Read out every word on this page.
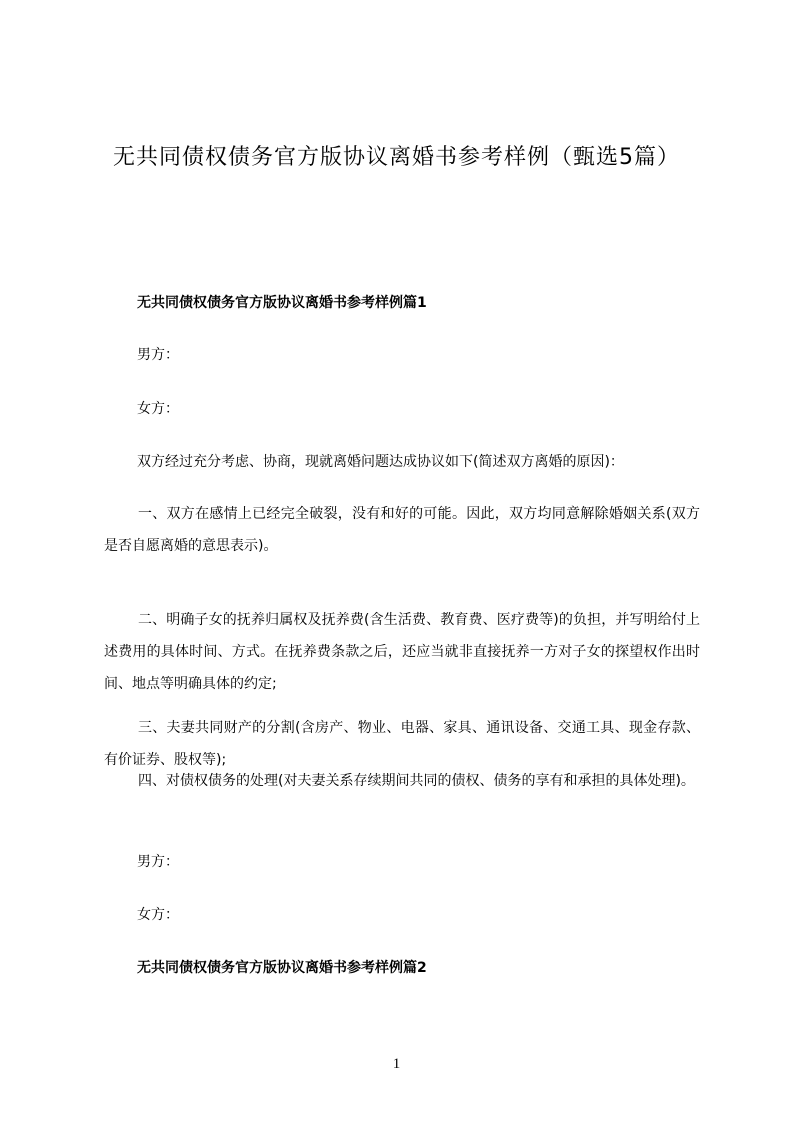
无共同债权债务官方版协议离婚书参考样例（甄选5篇）
无共同债权债务官方版协议离婚书参考样例篇1
男方：
女方：
双方经过充分考虑、协商，现就离婚问题达成协议如下(简述双方离婚的原因)：
一、双方在感情上已经完全破裂，没有和好的可能。因此，双方均同意解除婚姻关系(双方是否自愿离婚的意思表示)。
二、明确子女的抚养归属权及抚养费(含生活费、教育费、医疗费等)的负担，并写明给付上述费用的具体时间、方式。在抚养费条款之后，还应当就非直接抚养一方对子女的探望权作出时间、地点等明确具体的约定;
三、夫妻共同财产的分割(含房产、物业、电器、家具、通讯设备、交通工具、现金存款、有价证券、股权等);
四、对债权债务的处理(对夫妻关系存续期间共同的债权、债务的享有和承担的具体处理)。
男方：
女方：
无共同债权债务官方版协议离婚书参考样例篇2
1
